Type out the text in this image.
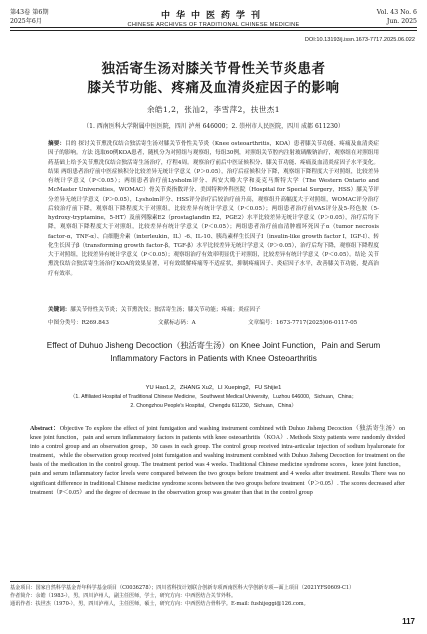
第43卷 第6期
2025年6月
中华中医药学刊
CHINESE ARCHIVES OF TRADITIONAL CHINESE MEDICINE
Vol. 43 No. 6
Jun. 2025
DOI:10.13193/j.issn.1673-7717.2025.06.022
独活寄生汤对膝关节骨性关节炎患者
膝关节功能、疼痛及血清炎症因子的影响
余皓1,2，张汕2，李雪萍2，扶世杰1
（1. 西南医科大学附属中医医院，四川 泸州 646000；2. 崇州市人民医院，四川 成都 611230）
摘要：目的 探讨关节熏洗仪结合独活寄生汤对膝关节骨性关节炎（Knee osteoarthritis，KOA）患者膝关节功能、疼痛及血清炎症因子的影响。方法 选取60例KOA患者，随机分为对照组与观察组，每组30例，对照组关节腔内注射玻璃酸钠治疗，观察组在对照组用药基础上给予关节熏洗仪结合独活寄生汤治疗，疗程4周。观察治疗前后中医证候积分、膝关节功能、疼痛及血清炎症因子水平变化。结果 两组患者治疗前中医症候积分比较差异无统计学意义（P＞0.05），治疗后症候积分下降，观察组下降程度大于对照组，比较差异有统计学意义（P＜0.05）；两组患者治疗前Lysholm评分、西安大略大学和麦克马斯特大学（The Western Ontario and McMaster Universities，WOMAC）骨关节炎指数评分、美国特种外科医院（Hospital for Special Surgery，HSS）膝关节评分差异无统计学意义（P＞0.05），Lysholm评分、HSS评分治疗后较治疗前升高，观察组升高幅度大于对照组，WOMAC评分治疗后较治疗前下降，观察组下降程度大于对照组，比较差异有统计学意义（P＜0.05）；两组患者治疗前VAS评分及5-羟色胺（5-hydroxy-tryptamine，5-HT）及前列腺素E2（prostaglandin E2，PGE2）水平比较差异无统计学意义（P＞0.05），治疗后均下降，观察组下降程度大于对照组，比较差异有统计学意义（P＜0.05）；两组患者治疗前血清肿瘤坏死因子α（tumor necrosis factor-α，TNF-α）、白细胞介素（interleukin，IL）-6、IL-10、胰岛素样生长因子Ⅰ（insulin-like growth factor Ⅰ，IGF-Ⅰ）、转化生长因子β（transforming growth factor-β，TGF-β）水平比较差异无统计学意义（P＞0.05），治疗后均下降，观察组下降程度大于对照组，比较差异有统计学意义（P＜0.05）；观察组治疗有效率明显优于对照组，比较差异有统计学意义（P＜0.05）。结论 关节熏洗仪结合独活寄生汤治疗KOA的效果显著，可有效缓解疼痛等不适症状，抑制疼痛因子、炎症因子水平，改善膝关节功能，提高治疗有效率。
关键词：膝关节骨性关节炎；关节熏洗仪；独活寄生汤；膝关节功能；疼痛；炎症因子
中图分类号：R269.843	文献标志码：A	文章编号：1673-7717(2025)06-0117-05
Effect of Duhuo Jisheng Decoction（独活寄生汤）on Knee Joint Function，Pain and Serum Inflammatory Factors in Patients with Knee Osteoarthritis
YU Hao1,2，ZHANG Xu2，LI Xueping2，FU Shijie1
（1. Affiliated Hospital of Traditional Chinese Medicine，Southwest Medical University，Luzhou 646000，Sichuan，China；
2. Chongzhou People's Hospital，Chengdu 611230，Sichuan，China）
Abstract：Objective To explore the effect of joint fumigation and washing instrument combined with Duhuo Jisheng Decoction（独活寄生汤）on knee joint function，pain and serum inflammatory factors in patients with knee osteoarthritis（KOA）. Methods Sixty patients were randomly divided into a control group and an observation group，30 cases in each group. The control group received intra-articular injection of sodium hyaluronate for treatment，while the observation group received joint fumigation and washing instrument combined with Duhuo Jisheng Decoction for treatment on the basis of the medication in the control group. The treatment period was 4 weeks. Traditional Chinese medicine syndrome scores，knee joint function，pain and serum inflammatory factor levels were compared between the two groups before treatment and 4 weeks after treatment. Results There was no significant difference in traditional Chinese medicine syndrome scores between the two groups before treatment（P＞0.05）. The scores decreased after treatment（P＜0.05）and the degree of decrease in the observation group was greater than that in the control group
基金项目：国家自然科学基金青年科学基金项目（C0036278）；四川省科技计划联合创新专项西南医科大学创新专项—面上项目（2021YFS0609-C1）
作者简介：余皓（1983-），男，四川泸州人，副主任医师，学士，研究方向：中西医结合关节外科。
通讯作者：扶世杰（1970-），男，四川泸州人，主任医师，硕士，研究方向：中西医结合骨科学。E-mail: fushijeggi@126.com。
117
